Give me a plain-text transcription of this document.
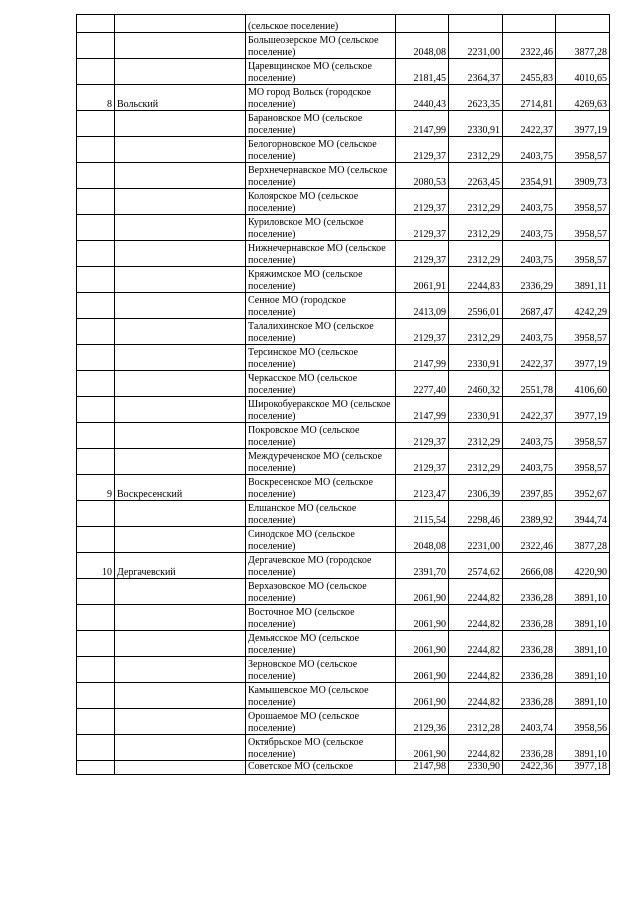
		(сельское поселение)				
		Большеозерское МО (сельское поселение)	2048,08	2231,00	2322,46	3877,28
		Царевщинское МО (сельское поселение)	2181,45	2364,37	2455,83	4010,65
8	Вольский	МО город Вольск (городское поселение)	2440,43	2623,35	2714,81	4269,63
		Барановское МО (сельское поселение)	2147,99	2330,91	2422,37	3977,19
		Белогорновское МО (сельское поселение)	2129,37	2312,29	2403,75	3958,57
		Верхнечернавское МО (сельское поселение)	2080,53	2263,45	2354,91	3909,73
		Колоярское МО (сельское поселение)	2129,37	2312,29	2403,75	3958,57
		Куриловское МО (сельское поселение)	2129,37	2312,29	2403,75	3958,57
		Нижнечернавское МО (сельское поселение)	2129,37	2312,29	2403,75	3958,57
		Кряжимское МО (сельское поселение)	2061,91	2244,83	2336,29	3891,11
		Сенное МО (городское поселение)	2413,09	2596,01	2687,47	4242,29
		Талалихинское МО (сельское поселение)	2129,37	2312,29	2403,75	3958,57
		Терсинское МО (сельское поселение)	2147,99	2330,91	2422,37	3977,19
		Черкасское МО (сельское поселение)	2277,40	2460,32	2551,78	4106,60
		Широкобуеракское МО (сельское поселение)	2147,99	2330,91	2422,37	3977,19
		Покровское МО (сельское поселение)	2129,37	2312,29	2403,75	3958,57
		Междуреченское МО (сельское поселение)	2129,37	2312,29	2403,75	3958,57
9	Воскресенский	Воскресенское МО (сельское поселение)	2123,47	2306,39	2397,85	3952,67
		Елшанское МО (сельское поселение)	2115,54	2298,46	2389,92	3944,74
		Синодское МО (сельское поселение)	2048,08	2231,00	2322,46	3877,28
10	Дергачевский	Дергачевское МО (городское поселение)	2391,70	2574,62	2666,08	4220,90
		Верхазовское МО (сельское поселение)	2061,90	2244,82	2336,28	3891,10
		Восточное МО (сельское поселение)	2061,90	2244,82	2336,28	3891,10
		Демьясское МО (сельское поселение)	2061,90	2244,82	2336,28	3891,10
		Зерновское МО (сельское поселение)	2061,90	2244,82	2336,28	3891,10
		Камышевское МО (сельское поселение)	2061,90	2244,82	2336,28	3891,10
		Орошаемое МО (сельское поселение)	2129,36	2312,28	2403,74	3958,56
		Октябрьское МО (сельское поселение)	2061,90	2244,82	2336,28	3891,10
		Советское МО (сельское	2147,98	2330,90	2422,36	3977,18
